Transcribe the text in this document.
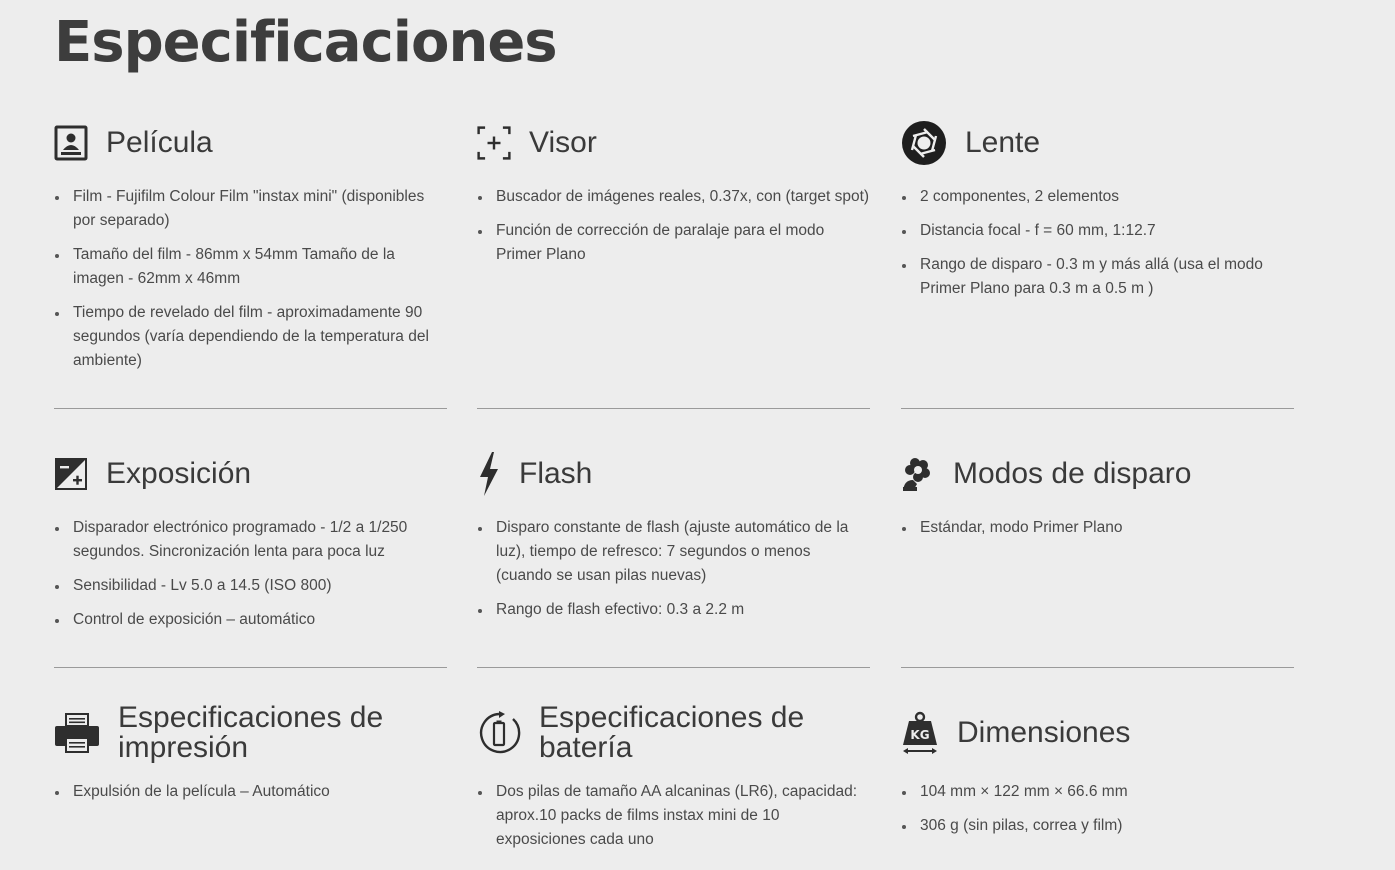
Especificaciones
Película
Film - Fujifilm Colour Film "instax mini" (disponibles por separado)
Tamaño del film - 86mm x 54mm Tamaño de la imagen - 62mm x 46mm
Tiempo de revelado del film - aproximadamente 90 segundos (varía dependiendo de la temperatura del ambiente)
Visor
Buscador de imágenes reales, 0.37x, con (target spot)
Función de corrección de paralaje para el modo Primer Plano
Lente
2 componentes, 2 elementos
Distancia focal - f = 60 mm, 1:12.7
Rango de disparo - 0.3 m y más allá (usa el modo Primer Plano para 0.3 m a 0.5 m )
Exposición
Disparador electrónico programado - 1/2 a 1/250 segundos. Sincronización lenta para poca luz
Sensibilidad - Lv 5.0 a 14.5 (ISO 800)
Control de exposición – automático
Flash
Disparo constante de flash (ajuste automático de la luz), tiempo de refresco: 7 segundos o menos (cuando se usan pilas nuevas)
Rango de flash efectivo: 0.3 a 2.2 m
Modos de disparo
Estándar, modo Primer Plano
Especificaciones de impresión
Expulsión de la película – Automático
Especificaciones de batería
Dos pilas de tamaño AA alcaninas (LR6), capacidad: aprox.10 packs de films instax mini de 10 exposiciones cada uno
KG Dimensiones
104 mm × 122 mm × 66.6 mm
306 g (sin pilas, correa y film)
